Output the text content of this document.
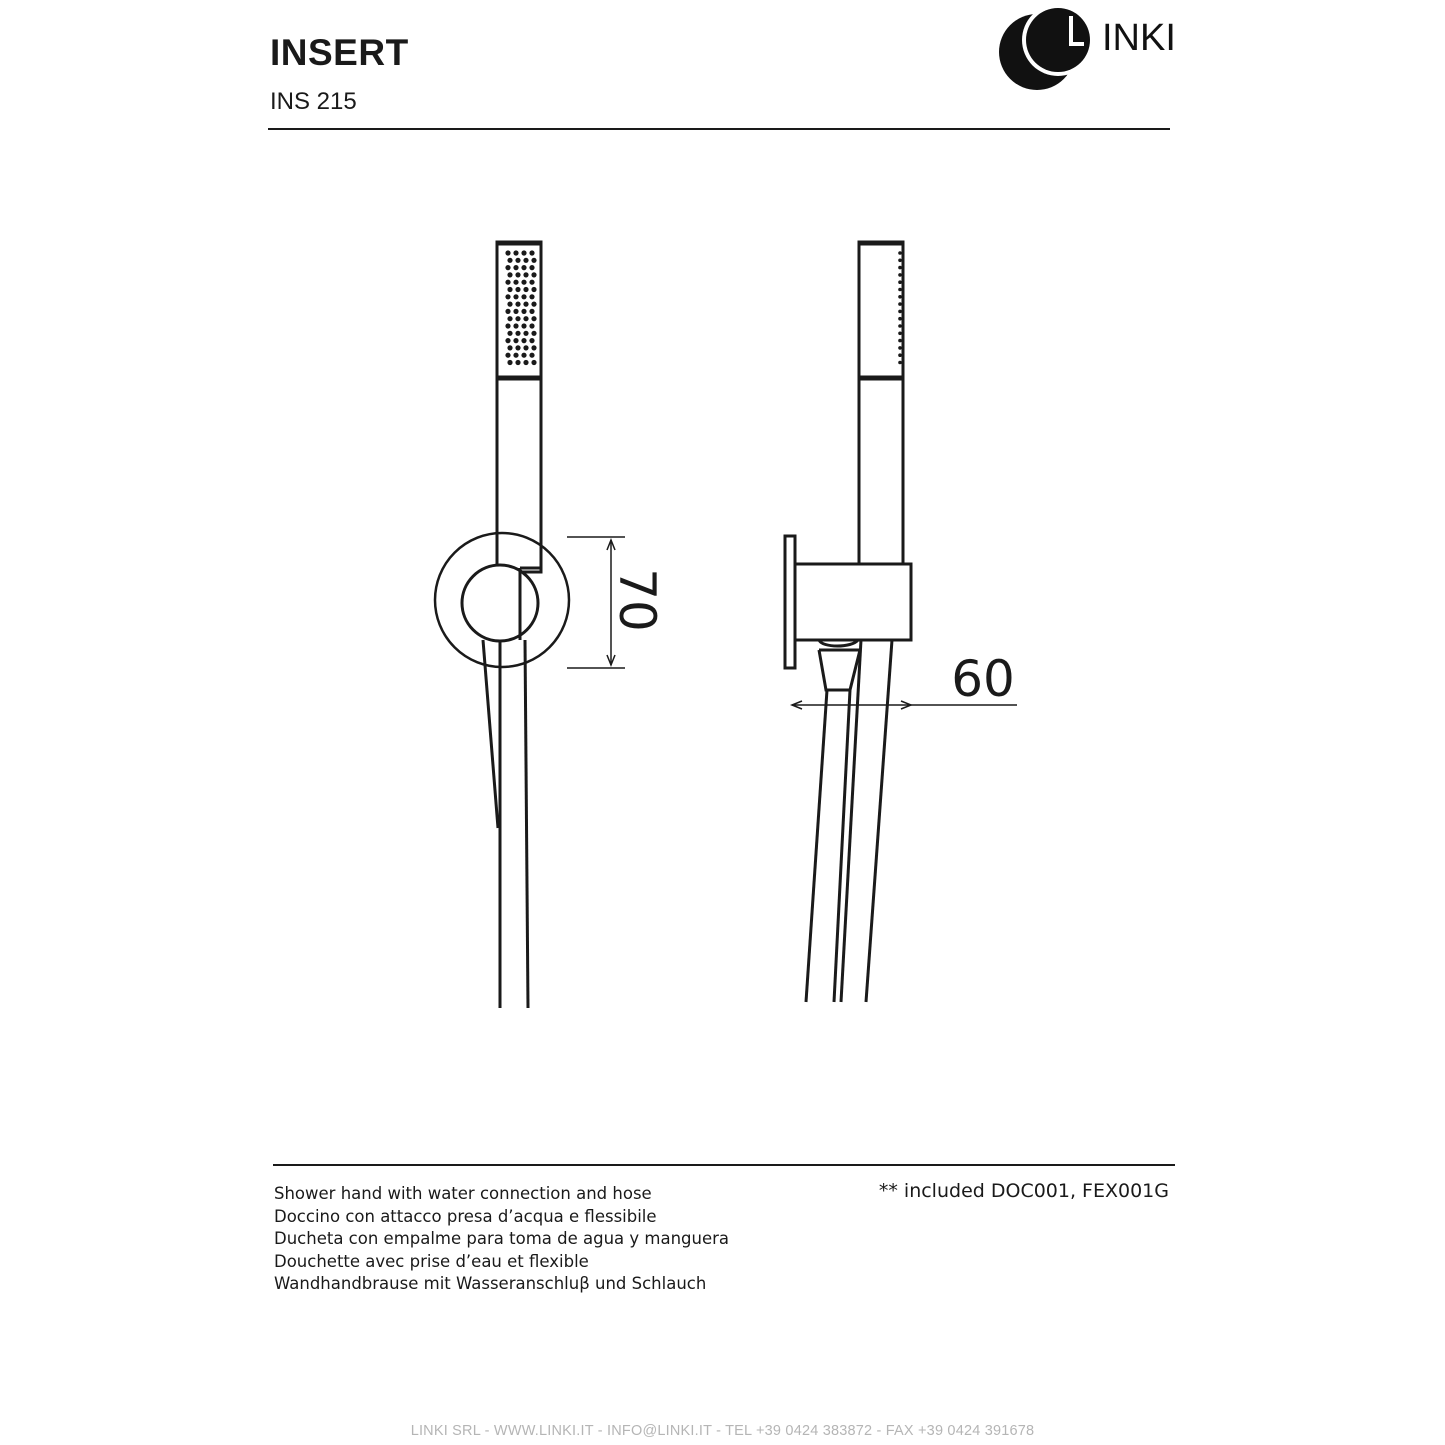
INSERT
INS 215
INKI
70
60
Shower hand with water connection and hose
Doccino con attacco presa d’acqua e flessibile
Ducheta con empalme para toma de agua y manguera
Douchette avec prise d’eau et flexible
Wandhandbrause mit Wasseranschluβ und Schlauch
** included DOC001, FEX001G
LINKI SRL - WWW.LINKI.IT - INFO@LINKI.IT - TEL +39 0424 383872 - FAX +39 0424 391678
